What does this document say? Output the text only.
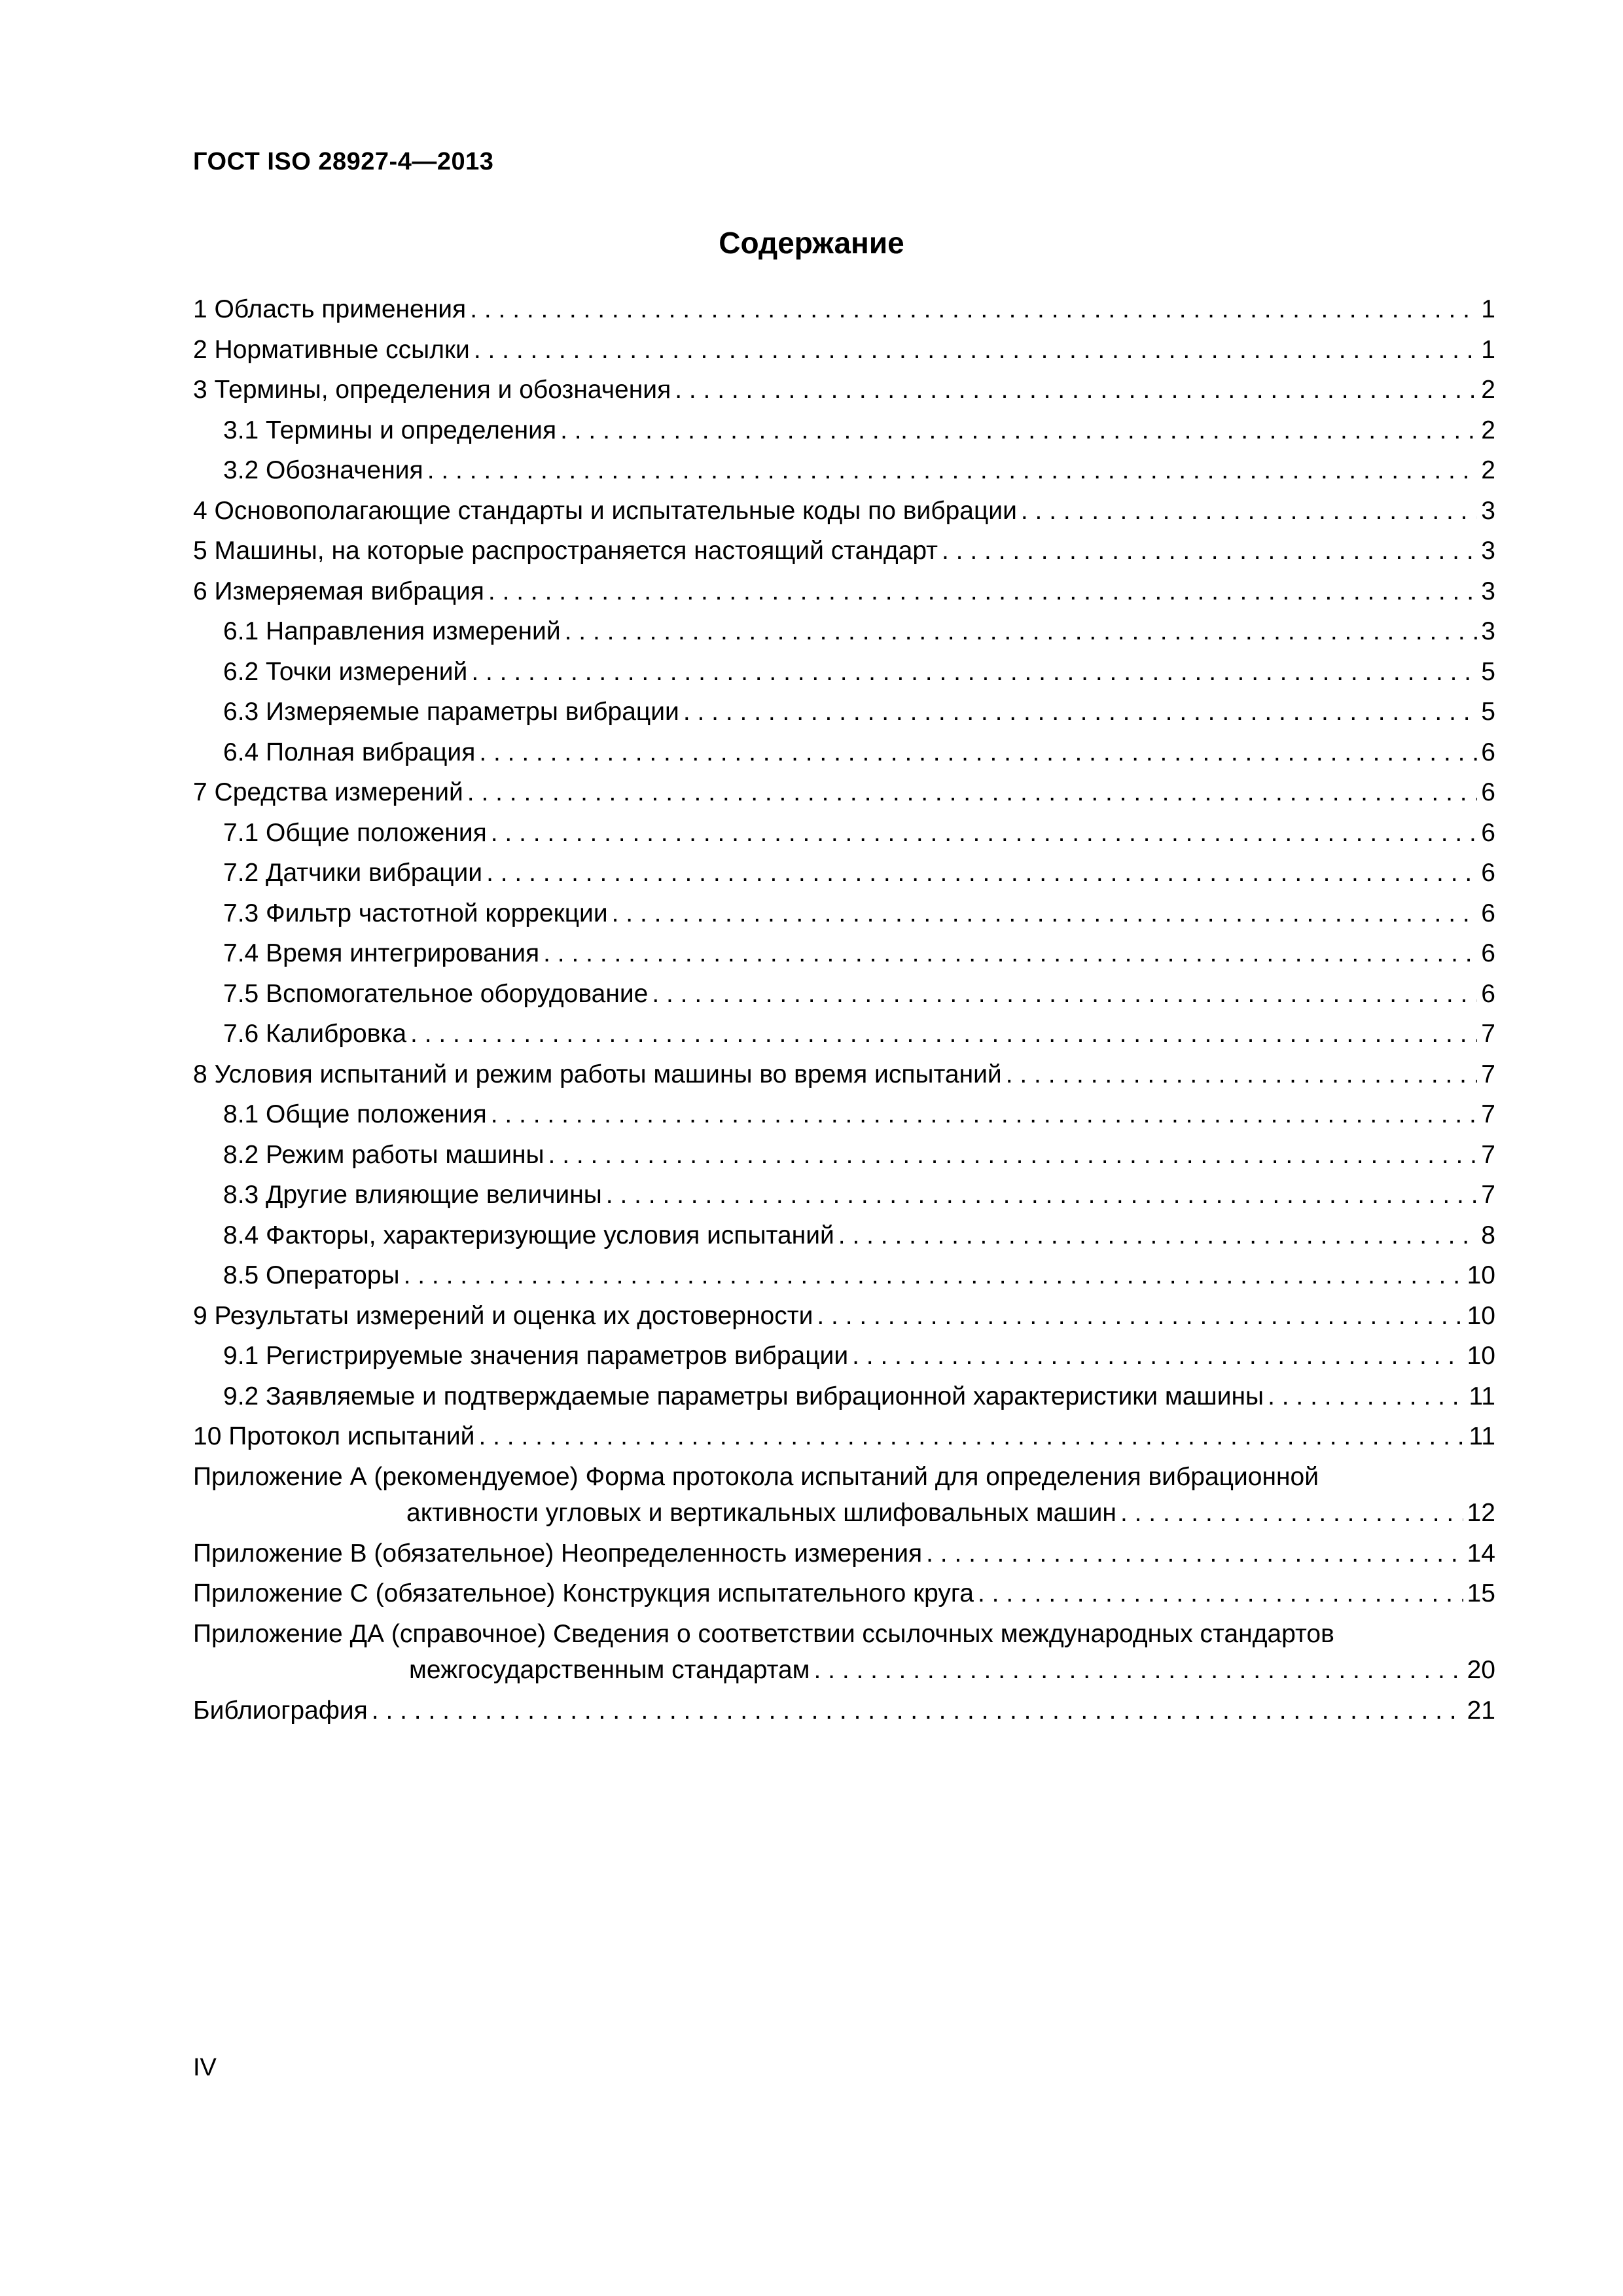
ГОСТ ISO 28927-4—2013
Содержание
1 Область применения . . .	1
2 Нормативные ссылки . . .	1
3 Термины, определения и обозначения . . .	2
3.1 Термины и определения . . .	2
3.2 Обозначения . . .	2
4 Основополагающие стандарты и испытательные коды по вибрации . . .	3
5 Машины, на которые распространяется настоящий стандарт . . .	3
6 Измеряемая вибрация . . .	3
6.1 Направления измерений . . .	3
6.2 Точки измерений . . .	5
6.3 Измеряемые параметры вибрации . . .	5
6.4 Полная вибрация . . .	6
7 Средства измерений . . .	6
7.1 Общие положения . . .	6
7.2 Датчики вибрации . . .	6
7.3 Фильтр частотной коррекции . . .	6
7.4 Время интегрирования . . .	6
7.5 Вспомогательное оборудование . . .	6
7.6 Калибровка . . .	7
8 Условия испытаний и режим работы машины во время испытаний . . .	7
8.1 Общие положения . . .	7
8.2 Режим работы машины . . .	7
8.3 Другие влияющие величины . . .	7
8.4 Факторы, характеризующие условия испытаний . . .	8
8.5 Операторы . . .	10
9 Результаты измерений и оценка их достоверности . . .	10
9.1 Регистрируемые значения параметров вибрации . . .	10
9.2 Заявляемые и подтверждаемые параметры вибрационной характеристики машины . . .	11
10 Протокол испытаний . . .	11
Приложение А (рекомендуемое) Форма протокола испытаний для определения вибрационной
активности угловых и вертикальных шлифовальных машин . . .	12
Приложение В (обязательное) Неопределенность измерения . . .	14
Приложение С (обязательное) Конструкция испытательного круга . . .	15
Приложение ДА (справочное) Сведения о соответствии ссылочных международных стандартов
межгосударственным стандартам . . .	20
Библиография . . .	21
IV
